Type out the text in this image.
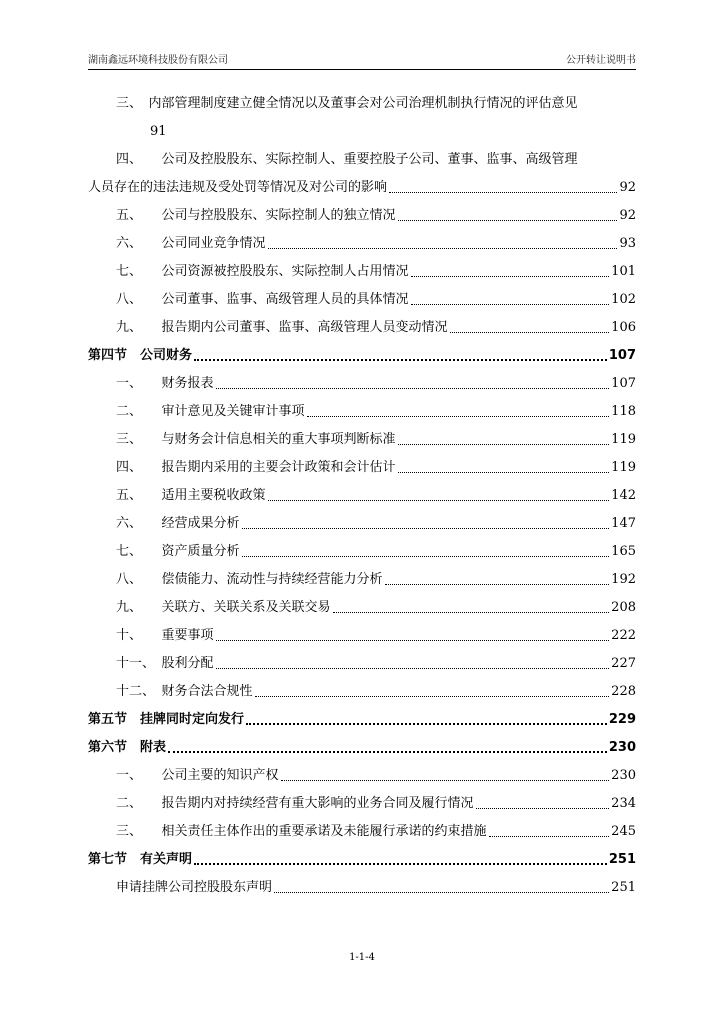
湖南鑫远环境科技股份有限公司	公开转让说明书
三、　 内部管理制度建立健全情况以及董事会对公司治理机制执行情况的评估意见
91
四、　　 公司及控股股东、实际控制人、重要控股子公司、董事、监事、高级管理
人员存在的违法违规及受处罚等情况及对公司的影响	92
五、　　 公司与控股股东、实际控制人的独立情况	92
六、　　 公司同业竞争情况	93
七、　　 公司资源被控股股东、实际控制人占用情况	101
八、　　 公司董事、监事、高级管理人员的具体情况	102
九、　　 报告期内公司董事、监事、高级管理人员变动情况	106
第四节　 公司财务	107
一、　　 财务报表	107
二、　　 审计意见及关键审计事项	118
三、　　 与财务会计信息相关的重大事项判断标准	119
四、　　 报告期内采用的主要会计政策和会计估计	119
五、　　 适用主要税收政策	142
六、　　 经营成果分析	147
七、　　 资产质量分析	165
八、　　 偿债能力、流动性与持续经营能力分析	192
九、　　 关联方、关联关系及关联交易	208
十、　　 重要事项	222
十一、　 股利分配	227
十二、　 财务合法合规性	228
第五节　 挂牌同时定向发行	229
第六节　 附表	230
一、　　 公司主要的知识产权	230
二、　　 报告期内对持续经营有重大影响的业务合同及履行情况	234
三、　　 相关责任主体作出的重要承诺及未能履行承诺的约束措施	245
第七节　 有关声明	251
申请挂牌公司控股股东声明	251
1-1-4
